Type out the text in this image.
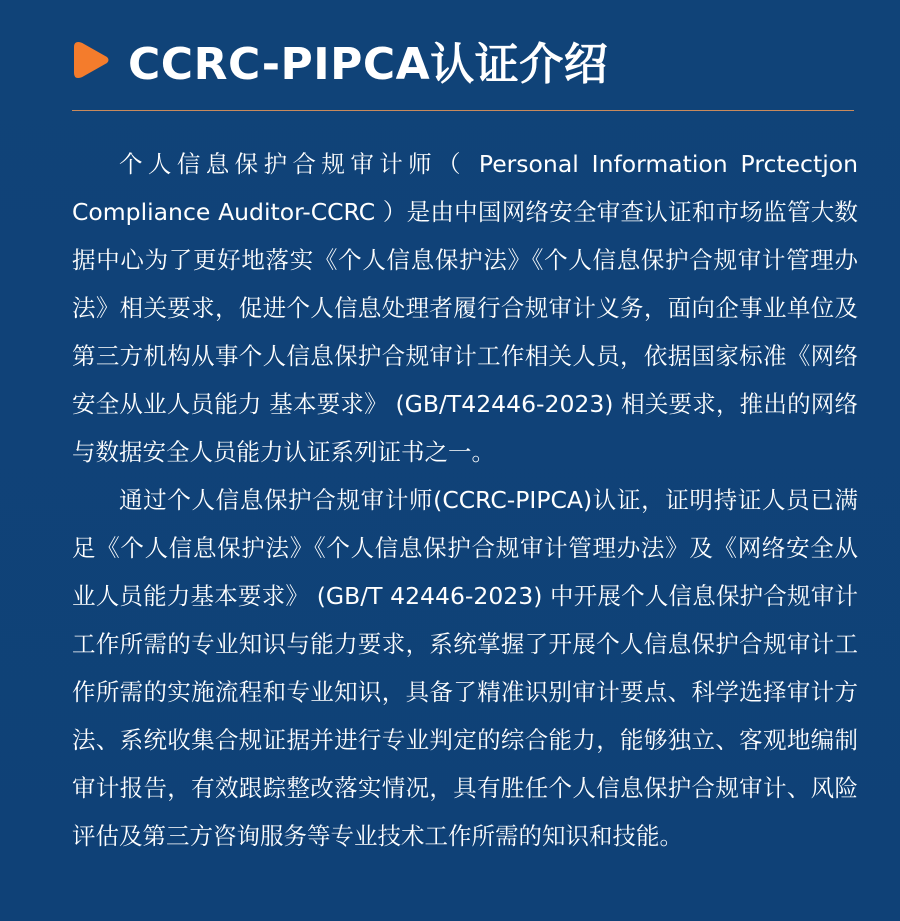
CCRC-PIPCA认证介绍

个人信息保护合规审计师（ Personal Information Prctectjon Compliance Auditor-CCRC ）是由中国网络安全审查认证和市场监管大数据中心为了更好地落实《个人信息保护法》《个人信息保护合规审计管理办法》相关要求，促进个人信息处理者履行合规审计义务，面向企事业单位及第三方机构从事个人信息保护合规审计工作相关人员，依据国家标准《网络安全从业人员能力 基本要求》 (GB/T42446-2023) 相关要求，推出的网络与数据安全人员能力认证系列证书之一。

通过个人信息保护合规审计师(CCRC-PIPCA)认证，证明持证人员已满足《个人信息保护法》《个人信息保护合规审计管理办法》及《网络安全从业人员能力基本要求》 (GB/T 42446-2023) 中开展个人信息保护合规审计工作所需的专业知识与能力要求，系统掌握了开展个人信息保护合规审计工作所需的实施流程和专业知识，具备了精准识别审计要点、科学选择审计方法、系统收集合规证据并进行专业判定的综合能力，能够独立、客观地编制审计报告，有效跟踪整改落实情况，具有胜任个人信息保护合规审计、风险评估及第三方咨询服务等专业技术工作所需的知识和技能。
